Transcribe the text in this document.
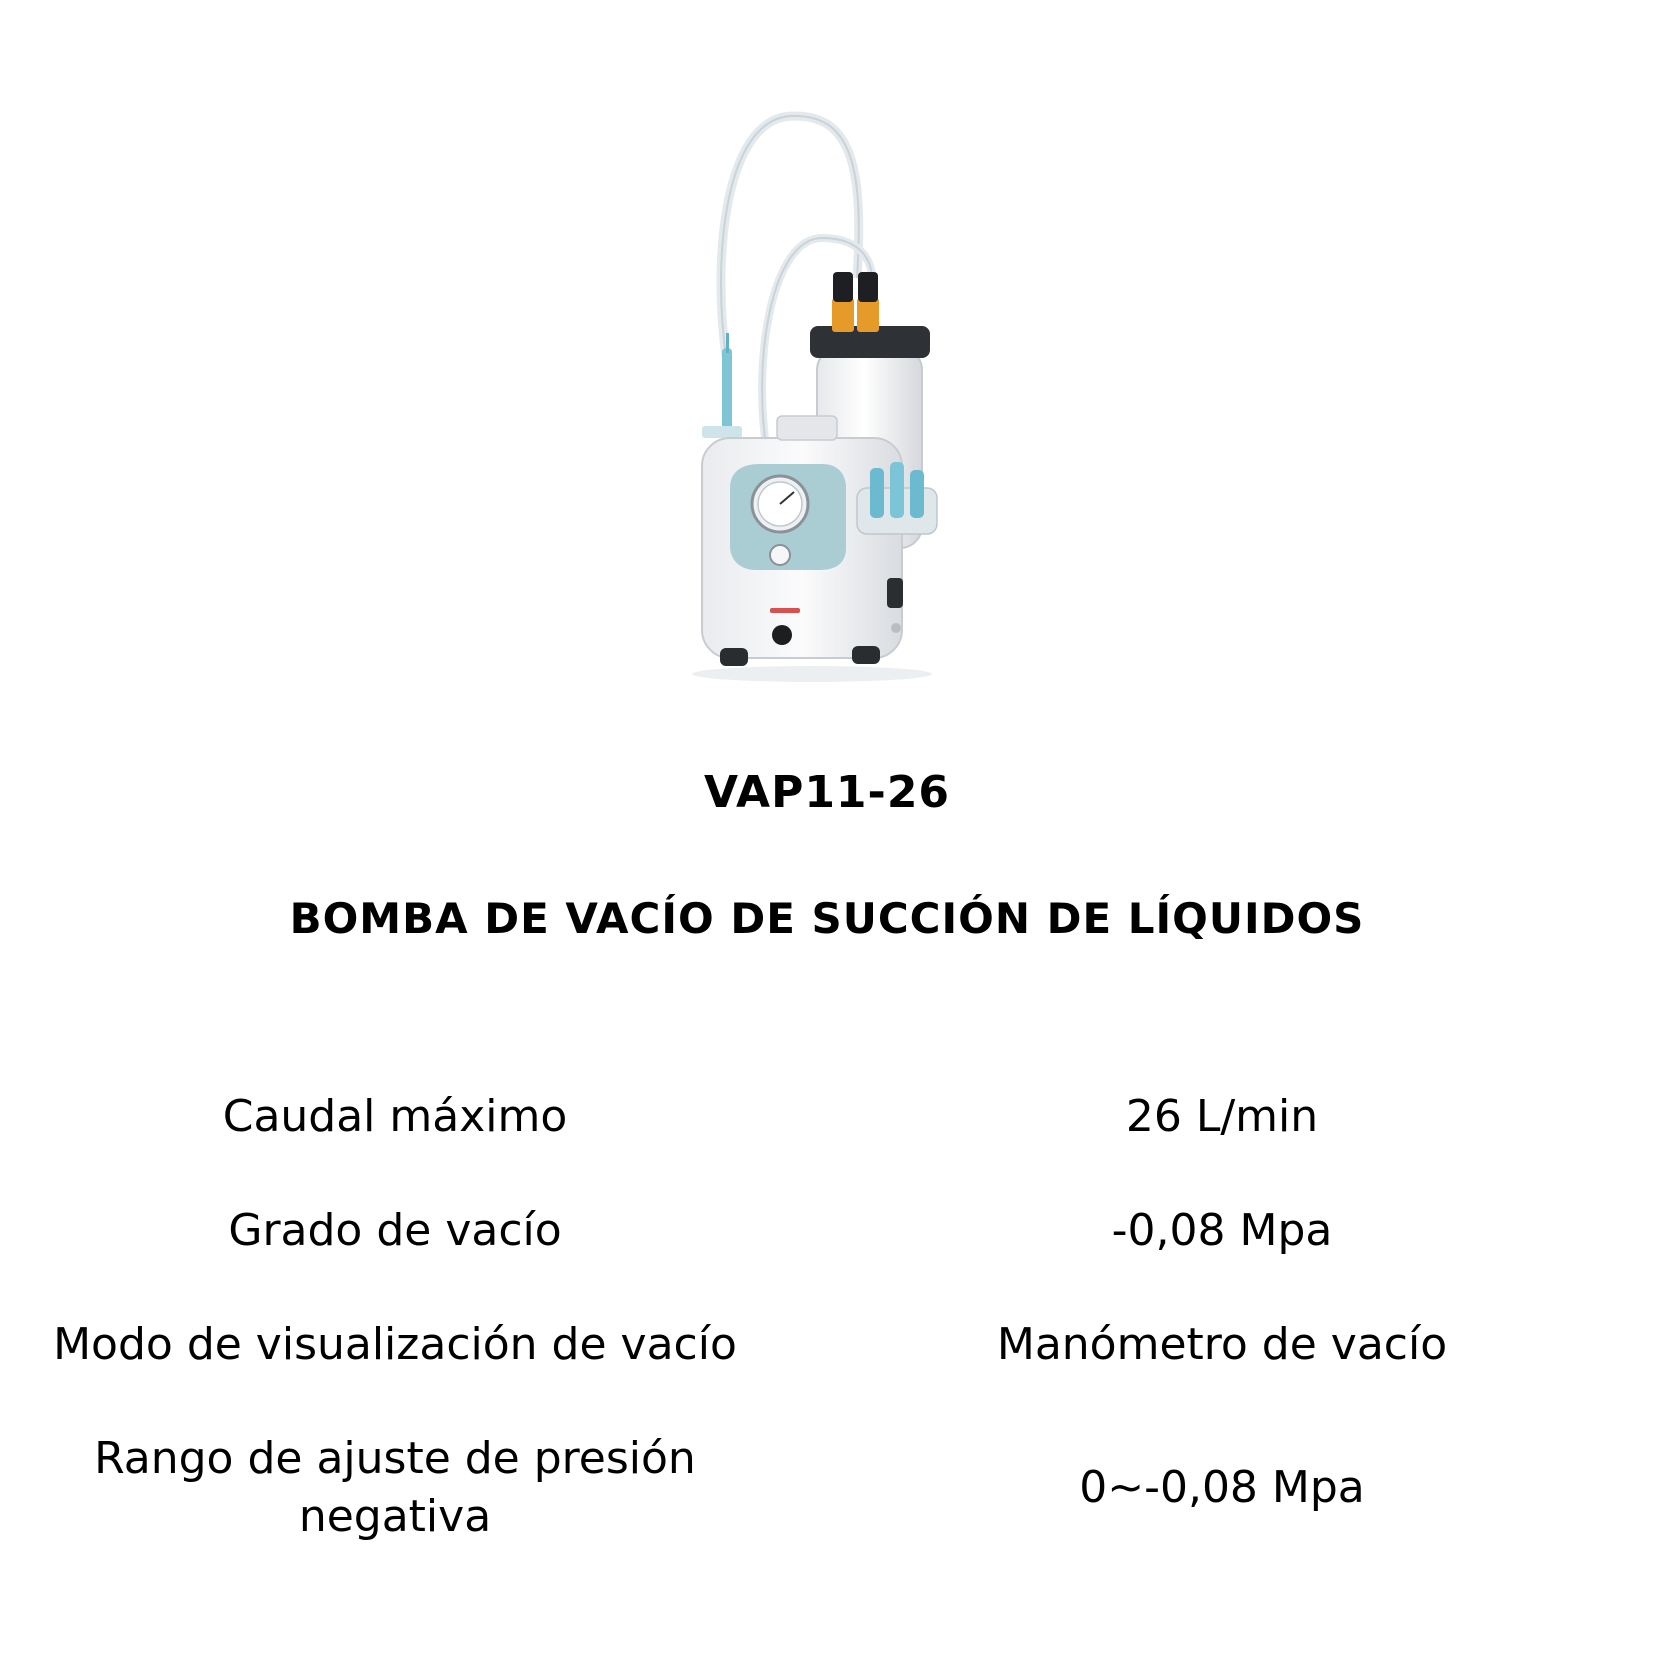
VAP11-26
BOMBA DE VACÍO DE SUCCIÓN DE LÍQUIDOS
Caudal máximo	26 L/min

Grado de vacío	-0,08 Mpa

Modo de visualización de vacío	Manómetro de vacío

Rango de ajuste de presión negativa	0~-0,08 Mpa
